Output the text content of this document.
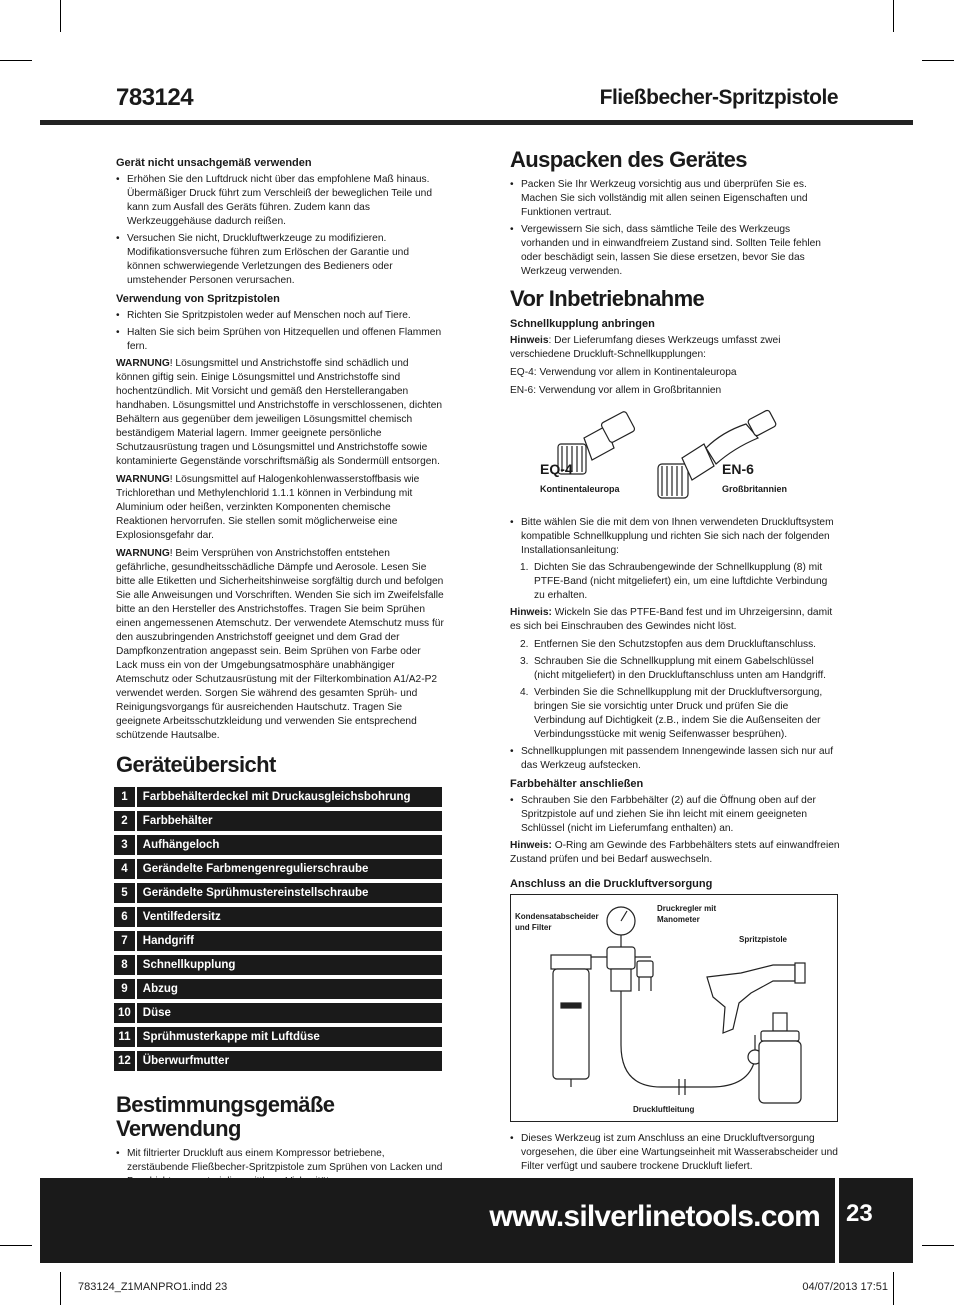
783124	Fließbecher-Spritzpistole

Gerät nicht unsachgemäß verwenden

• Erhöhen Sie den Luftdruck nicht über das empfohlene Maß hinaus. Übermäßiger Druck führt zum Verschleiß der beweglichen Teile und kann zum Ausfall des Geräts führen. Zudem kann das Werkzeuggehäuse dadurch reißen.

• Versuchen Sie nicht, Druckluftwerkzeuge zu modifizieren. Modifikationsversuche führen zum Erlöschen der Garantie und können schwerwiegende Verletzungen des Bedieners oder umstehender Personen verursachen.

Verwendung von Spritzpistolen

• Richten Sie Spritzpistolen weder auf Menschen noch auf Tiere.

• Halten Sie sich beim Sprühen von Hitzequellen und offenen Flammen fern.

WARNUNG! Lösungsmittel und Anstrichstoffe sind schädlich und können giftig sein. Einige Lösungsmittel und Anstrichstoffe sind hochentzündlich. Mit Vorsicht und gemäß den Herstellerangaben handhaben. Lösungsmittel und Anstrichstoffe in verschlossenen, dichten Behältern aus gegenüber dem jeweiligen Lösungsmittel chemisch beständigem Material lagern. Immer geeignete persönliche Schutzausrüstung tragen und Lösungsmittel und Anstrichstoffe sowie kontaminierte Gegenstände vorschriftsmäßig als Sondermüll entsorgen.

WARNUNG! Lösungsmittel auf Halogenkohlenwasserstoffbasis wie Trichlorethan und Methylenchlorid 1.1.1 können in Verbindung mit Aluminium oder heißen, verzinkten Komponenten chemische Reaktionen hervorrufen. Sie stellen somit möglicherweise eine Explosionsgefahr dar.

WARNUNG! Beim Versprühen von Anstrichstoffen entstehen gefährliche, gesundheitsschädliche Dämpfe und Aerosole. Lesen Sie bitte alle Etiketten und Sicherheitshinweise sorgfältig durch und befolgen Sie alle Anweisungen und Vorschriften. Wenden Sie sich im Zweifelsfalle bitte an den Hersteller des Anstrichstoffes. Tragen Sie beim Sprühen einen angemessenen Atemschutz. Der verwendete Atemschutz muss für den auszubringenden Anstrichstoff geeignet und dem Grad der Dampfkonzentration angepasst sein. Beim Sprühen von Farbe oder Lack muss ein von der Umgebungsatmosphäre unabhängiger Atemschutz oder Schutzausrüstung mit der Filterkombination A1/A2-P2 verwendet werden. Sorgen Sie während des gesamten Sprüh- und Reinigungsvorgangs für ausreichenden Hautschutz. Tragen Sie geeignete Arbeitsschutzkleidung und verwenden Sie entsprechend schützende Hautsalbe.

Geräteübersicht

1		Farbbehälterdeckel mit Druckausgleichsbohrung
2		Farbbehälter
3		Aufhängeloch
4		Gerändelte Farbmengenregulierschraube
5		Gerändelte Sprühmustereinstellschraube
6		Ventilfedersitz
7		Handgriff
8		Schnellkupplung
9		Abzug
10		Düse
11		Sprühmusterkappe mit Luftdüse
12		Überwurfmutter

Bestimmungsgemäße
Verwendung

• Mit filtrierter Druckluft aus einem Kompressor betriebene, zerstäubende Fließbecher-Spritzpistole zum Sprühen von Lacken und

Auspacken des Gerätes

• Packen Sie Ihr Werkzeug vorsichtig aus und überprüfen Sie es. Machen Sie sich vollständig mit allen seinen Eigenschaften und Funktionen vertraut.

• Vergewissern Sie sich, dass sämtliche Teile des Werkzeugs vorhanden und in einwandfreiem Zustand sind. Sollten Teile fehlen oder beschädigt sein, lassen Sie diese ersetzen, bevor Sie das Werkzeug verwenden.

Vor Inbetriebnahme

Schnellkupplung anbringen

Hinweis: Der Lieferumfang dieses Werkzeugs umfasst zwei verschiedene Druckluft-Schnellkupplungen:

EQ-4: Verwendung vor allem in Kontinentaleuropa

EN-6: Verwendung vor allem in Großbritannien

EQ-4
Kontinentaleuropa
EN-6
Großbritannien

• Bitte wählen Sie die mit dem von Ihnen verwendeten Druckluftsystem kompatible Schnellkupplung und richten Sie sich nach der folgenden Installationsanleitung:

1. Dichten Sie das Schraubengewinde der Schnellkupplung (8) mit PTFE-Band (nicht mitgeliefert) ein, um eine luftdichte Verbindung zu erhalten.

Hinweis: Wickeln Sie das PTFE-Band fest und im Uhrzeigersinn, damit es sich bei Einschrauben des Gewindes nicht löst.

2. Entfernen Sie den Schutzstopfen aus dem Druckluftanschluss.

3. Schrauben Sie die Schnellkupplung mit einem Gabelschlüssel (nicht mitgeliefert) in den Druckluftanschluss unten am Handgriff.

4. Verbinden Sie die Schnellkupplung mit der Druckluftversorgung, bringen Sie sie vorsichtig unter Druck und prüfen Sie die Verbindung auf Dichtigkeit (z.B., indem Sie die Außenseiten der Verbindungsstücke mit wenig Seifenwasser besprühen).

• Schnellkupplungen mit passendem Innengewinde lassen sich nur auf das Werkzeug aufstecken.

Farbbehälter anschließen

• Schrauben Sie den Farbbehälter (2) auf die Öffnung oben auf der Spritzpistole auf und ziehen Sie ihn leicht mit einem geeigneten Schlüssel (nicht im Lieferumfang enthalten) an.

Hinweis: O-Ring am Gewinde des Farbbehälters stets auf einwandfreien Zustand prüfen und bei Bedarf auswechseln.

Anschluss an die Druckluftversorgung

Kondensatabscheider
und Filter
Druckregler mit
Manometer
Spritzpistole
Druckluftleitung

• Dieses Werkzeug ist zum Anschluss an eine Druckluftversorgung vorgesehen, die über eine Wartungseinheit mit Wasserabscheider und Filter verfügt und saubere trockene Druckluft liefert.

www.silverlinetools.com 23
783124_Z1MANPRO1.indd 23	04/07/2013 17:51
